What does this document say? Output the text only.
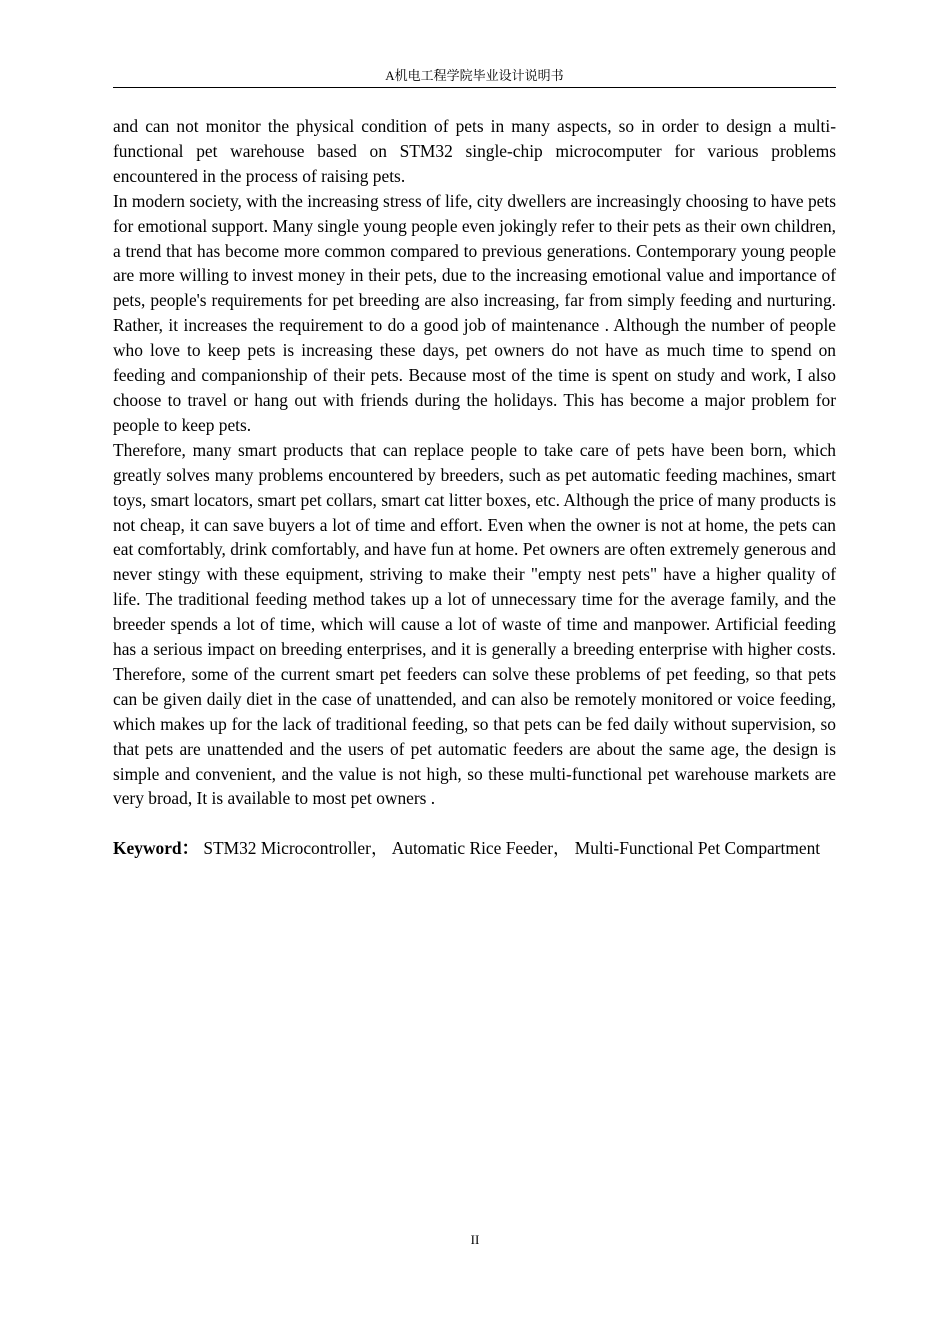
A机电工程学院毕业设计说明书

and can not monitor the physical condition of pets in many aspects, so in order to design a multi-functional pet warehouse based on STM32 single-chip microcomputer for various problems encountered in the process of raising pets.

In modern society, with the increasing stress of life, city dwellers are increasingly choosing to have pets for emotional support. Many single young people even jokingly refer to their pets as their own children, a trend that has become more common compared to previous generations. Contemporary young people are more willing to invest money in their pets, due to the increasing emotional value and importance of pets, people's requirements for pet breeding are also increasing, far from simply feeding and nurturing. Rather, it increases the requirement to do a good job of maintenance . Although the number of people who love to keep pets is increasing these days, pet owners do not have as much time to spend on feeding and companionship of their pets. Because most of the time is spent on study and work, I also choose to travel or hang out with friends during the holidays. This has become a major problem for people to keep pets.

Therefore, many smart products that can replace people to take care of pets have been born, which greatly solves many problems encountered by breeders, such as pet automatic feeding machines, smart toys, smart locators, smart pet collars, smart cat litter boxes, etc. Although the price of many products is not cheap, it can save buyers a lot of time and effort. Even when the owner is not at home, the pets can eat comfortably, drink comfortably, and have fun at home. Pet owners are often extremely generous and never stingy with these equipment, striving to make their "empty nest pets" have a higher quality of life. The traditional feeding method takes up a lot of unnecessary time for the average family, and the breeder spends a lot of time, which will cause a lot of waste of time and manpower. Artificial feeding has a serious impact on breeding enterprises, and it is generally a breeding enterprise with higher costs. Therefore, some of the current smart pet feeders can solve these problems of pet feeding, so that pets can be given daily diet in the case of unattended, and can also be remotely monitored or voice feeding, which makes up for the lack of traditional feeding, so that pets can be fed daily without supervision, so that pets are unattended and the users of pet automatic feeders are about the same age, the design is simple and convenient, and the value is not high, so these multi-functional pet warehouse markets are very broad, It is available to most pet owners .

Keyword： STM32 Microcontroller， Automatic Rice Feeder， Multi-Functional Pet Compartment

II
